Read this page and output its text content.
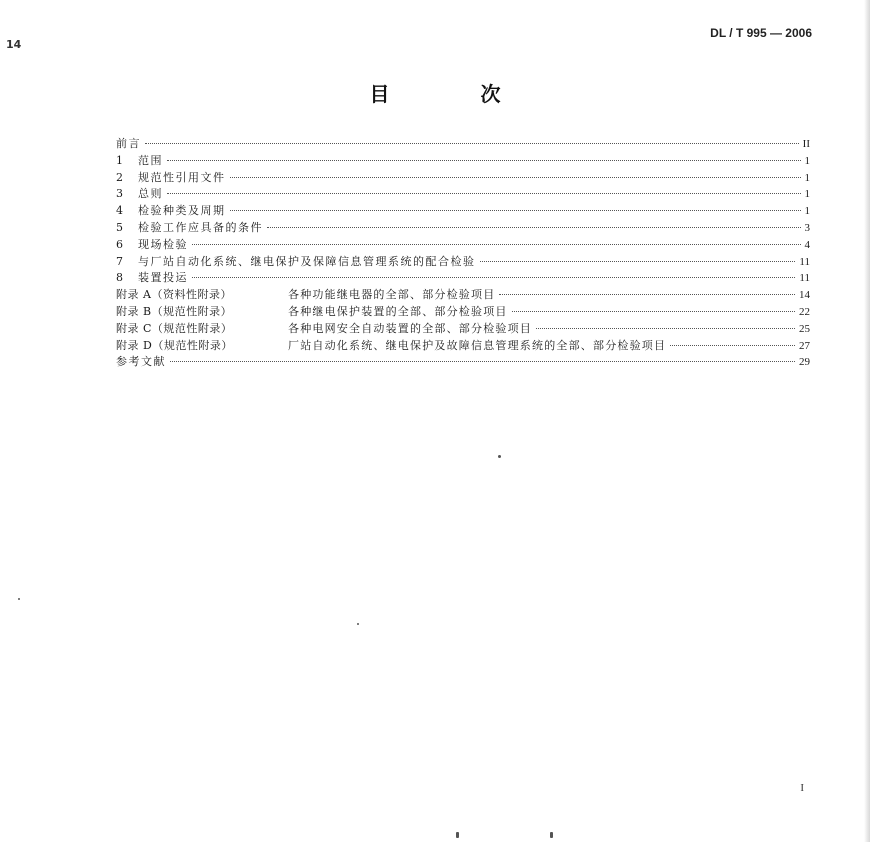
14
DL / T 995 — 2006
目 次
前言	II
1	范围	1
2	规范性引用文件	1
3	总则	1
4	检验种类及周期	1
5	检验工作应具备的条件	3
6	现场检验	4
7	与厂站自动化系统、继电保护及保障信息管理系统的配合检验	11
8	装置投运	11
附录 A（资料性附录）	各种功能继电器的全部、部分检验项目	14
附录 B（规范性附录）	各种继电保护装置的全部、部分检验项目	22
附录 C（规范性附录）	各种电网安全自动装置的全部、部分检验项目	25
附录 D（规范性附录）	厂站自动化系统、继电保护及故障信息管理系统的全部、部分检验项目	27
参考文献	29
I
